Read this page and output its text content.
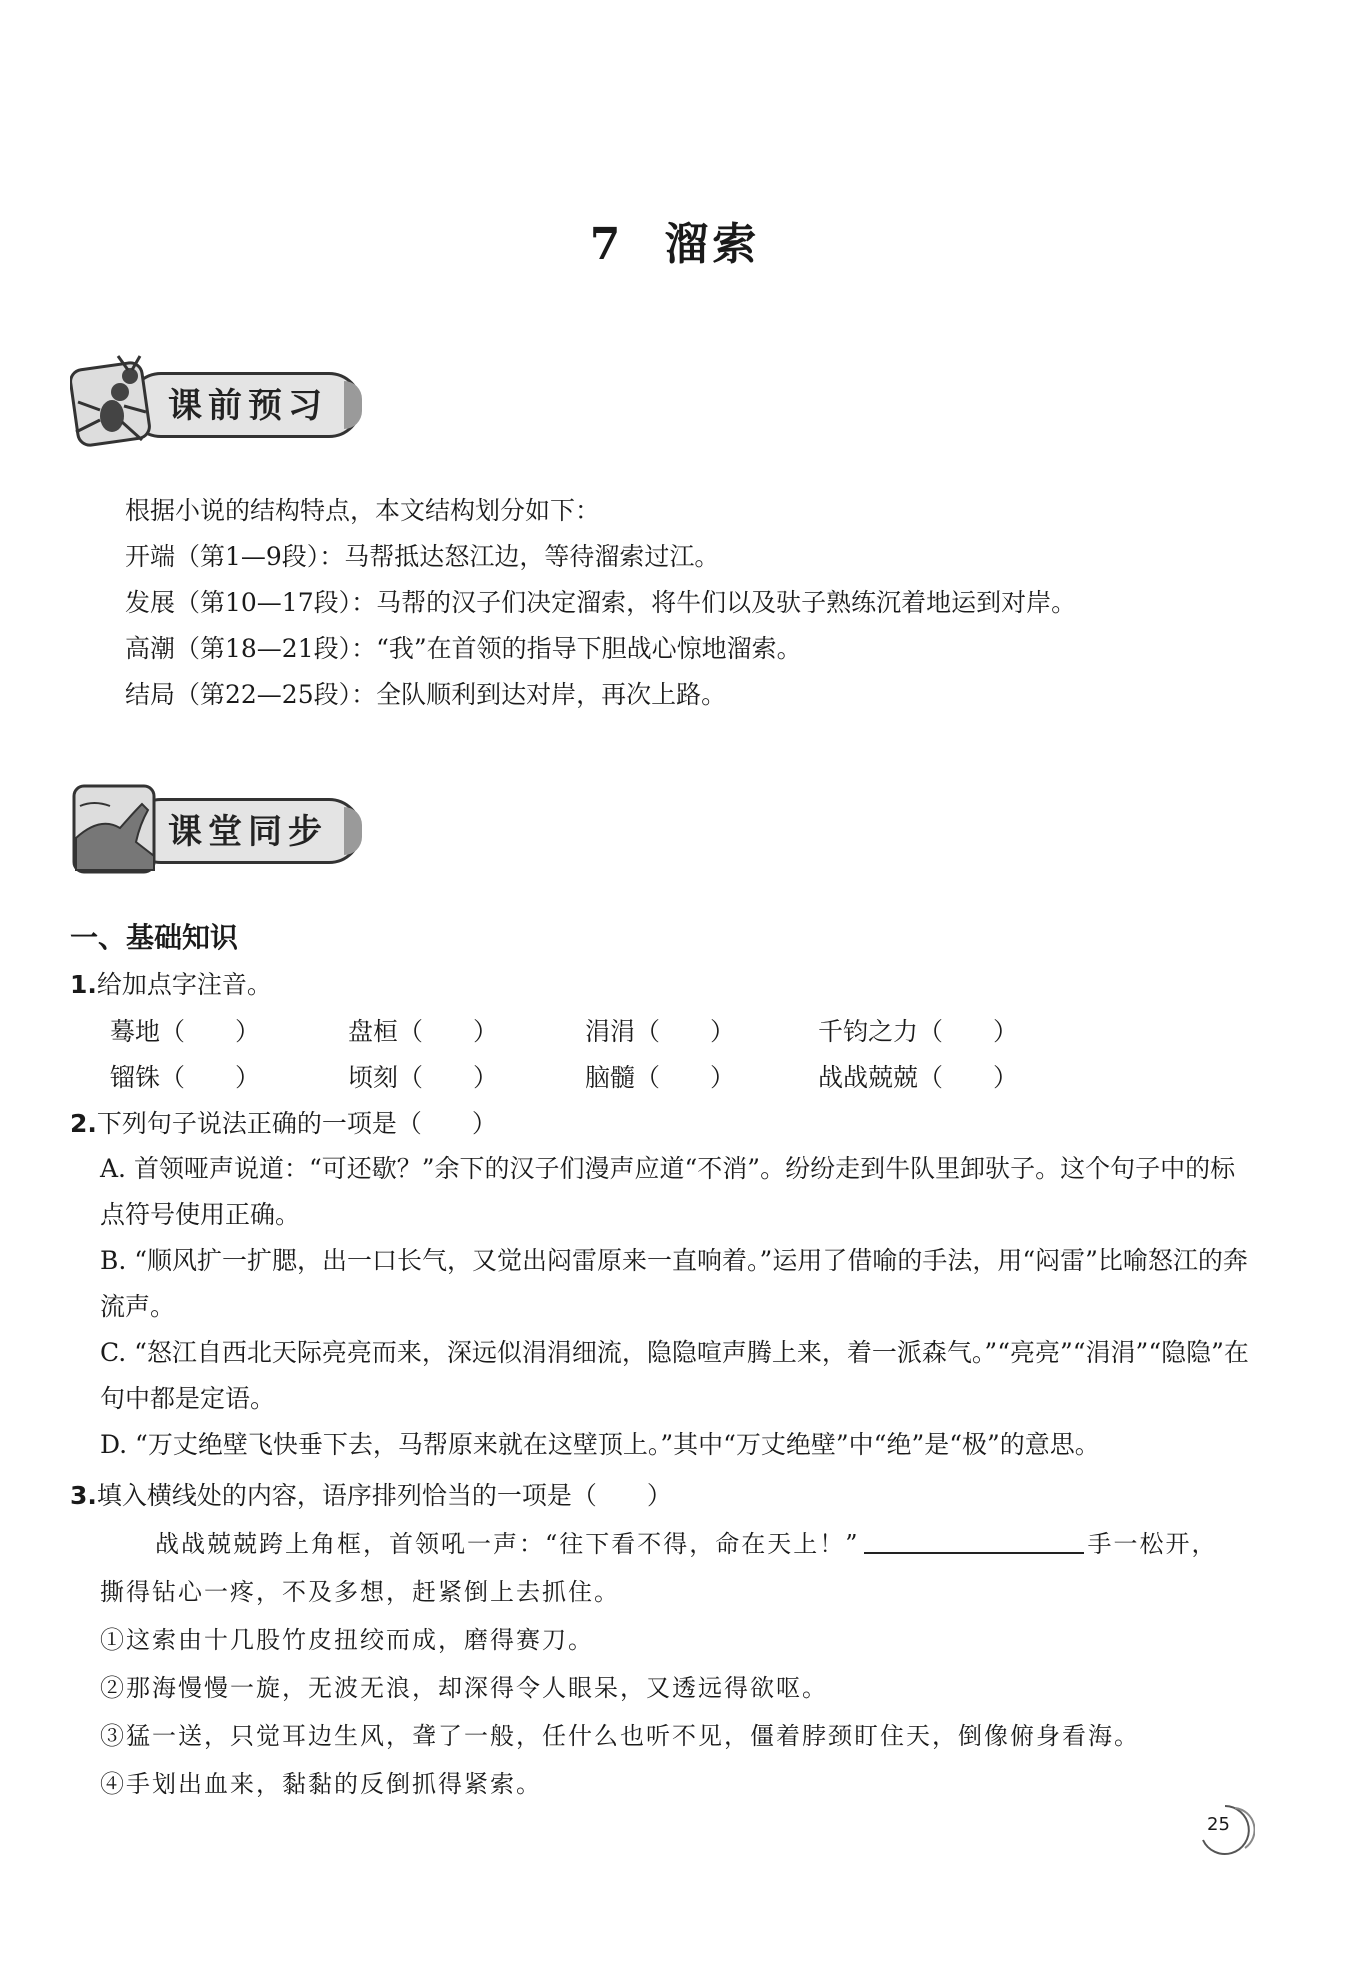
7 溜索
课前预习
根据小说的结构特点，本文结构划分如下：
开端（第1—9段）：马帮抵达怒江边，等待溜索过江。
发展（第10—17段）：马帮的汉子们决定溜索，将牛们以及驮子熟练沉着地运到对岸。
高潮（第18—21段）：“我”在首领的指导下胆战心惊地溜索。
结局（第22—25段）：全队顺利到达对岸，再次上路。
课堂同步
一、基础知识
1.给加点字注音。
蓦地（　　）	盘桓（　　）	涓涓（　　）	千钧之力（　　）
镏铢（　　）	顷刻（　　）	脑髓（　　）	战战兢兢（　　）
2.下列句子说法正确的一项是（　　）
A. 首领哑声说道：“可还歇？”余下的汉子们漫声应道“不消”。纷纷走到牛队里卸驮子。这个句子中的标点符号使用正确。
B. “顺风扩一扩腮，出一口长气，又觉出闷雷原来一直响着。”运用了借喻的手法，用“闷雷”比喻怒江的奔流声。
C. “怒江自西北天际亮亮而来，深远似涓涓细流，隐隐喧声腾上来，着一派森气。”“亮亮”“涓涓”“隐隐”在句中都是定语。
D. “万丈绝壁飞快垂下去，马帮原来就在这壁顶上。”其中“万丈绝壁”中“绝”是“极”的意思。
3.填入横线处的内容，语序排列恰当的一项是（　　）
战战兢兢跨上角框，首领吼一声：“往下看不得，命在天上！”	手一松开，
撕得钻心一疼，不及多想，赶紧倒上去抓住。
①这索由十几股竹皮扭绞而成，磨得赛刀。
②那海慢慢一旋，无波无浪，却深得令人眼呆，又透远得欲呕。
③猛一送，只觉耳边生风，聋了一般，任什么也听不见，僵着脖颈盯住天，倒像俯身看海。
④手划出血来，黏黏的反倒抓得紧索。
25
